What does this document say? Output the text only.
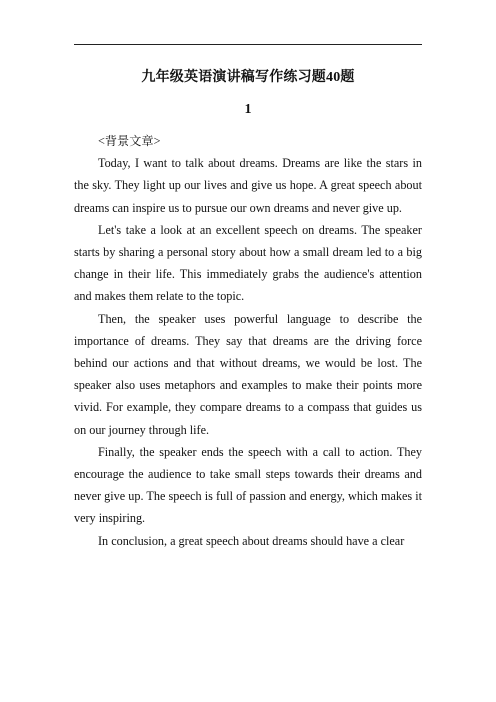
九年级英语演讲稿写作练习题40题
1
<背景文章>

Today, I want to talk about dreams. Dreams are like the stars in the sky. They light up our lives and give us hope. A great speech about dreams can inspire us to pursue our own dreams and never give up.

Let's take a look at an excellent speech on dreams. The speaker starts by sharing a personal story about how a small dream led to a big change in their life. This immediately grabs the audience's attention and makes them relate to the topic.

Then, the speaker uses powerful language to describe the importance of dreams. They say that dreams are the driving force behind our actions and that without dreams, we would be lost. The speaker also uses metaphors and examples to make their points more vivid. For example, they compare dreams to a compass that guides us on our journey through life.

Finally, the speaker ends the speech with a call to action. They encourage the audience to take small steps towards their dreams and never give up. The speech is full of passion and energy, which makes it very inspiring.

In conclusion, a great speech about dreams should have a clear
